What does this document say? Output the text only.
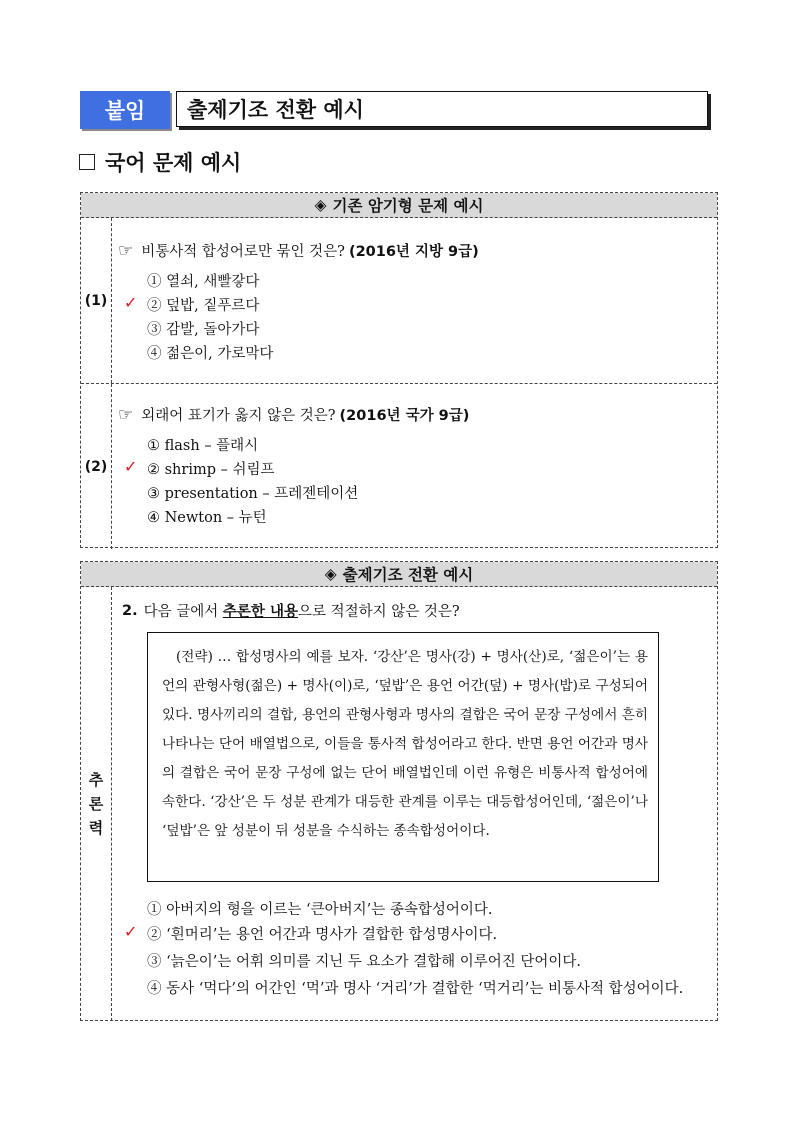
붙임	출제기조 전환 예시
국어 문제 예시
◈ 기존 암기형 문제 예시
(1)
☞ 비통사적 합성어로만 묶인 것은? (2016년 지방 9급)
① 열쇠, 새빨갛다
✓ ② 덮밥, 짙푸르다
③ 감발, 돌아가다
④ 젊은이, 가로막다
(2)
☞ 외래어 표기가 옳지 않은 것은? (2016년 국가 9급)
① flash – 플래시
✓ ② shrimp – 쉬림프
③ presentation – 프레젠테이션
④ Newton – 뉴턴
◈ 출제기조 전환 예시
추
론
력
2. 다음 글에서 추론한 내용 으로 적절하지 않은 것은?

(전략) … 합성명사의 예를 보자. ‘강산’은 명사(강) + 명사(산)로, ‘젊은이’는 용언의 관형사형(젊은) + 명사(이)로, ‘덮밥’은 용언 어간(덮) + 명사(밥)로 구성되어 있다. 명사끼리의 결합, 용언의 관형사형과 명사의 결합은 국어 문장 구성에서 흔히 나타나는 단어 배열법으로, 이들을 통사적 합성어라고 한다. 반면 용언 어간과 명사의 결합은 국어 문장 구성에 없는 단어 배열법인데 이런 유형은 비통사적 합성어에 속한다. ‘강산’은 두 성분 관계가 대등한 관계를 이루는 대등합성어인데, ‘젊은이’나 ‘덮밥’은 앞 성분이 뒤 성분을 수식하는 종속합성어이다.

① 아버지의 형을 이르는 ‘큰아버지’는 종속합성어이다.
✓ ② ‘흰머리’는 용언 어간과 명사가 결합한 합성명사이다.
③ ‘늙은이’는 어휘 의미를 지닌 두 요소가 결합해 이루어진 단어이다.
④ 동사 ‘먹다’의 어간인 ‘먹’과 명사 ‘거리’가 결합한 ‘먹거리’는 비통사적 합성어이다.
